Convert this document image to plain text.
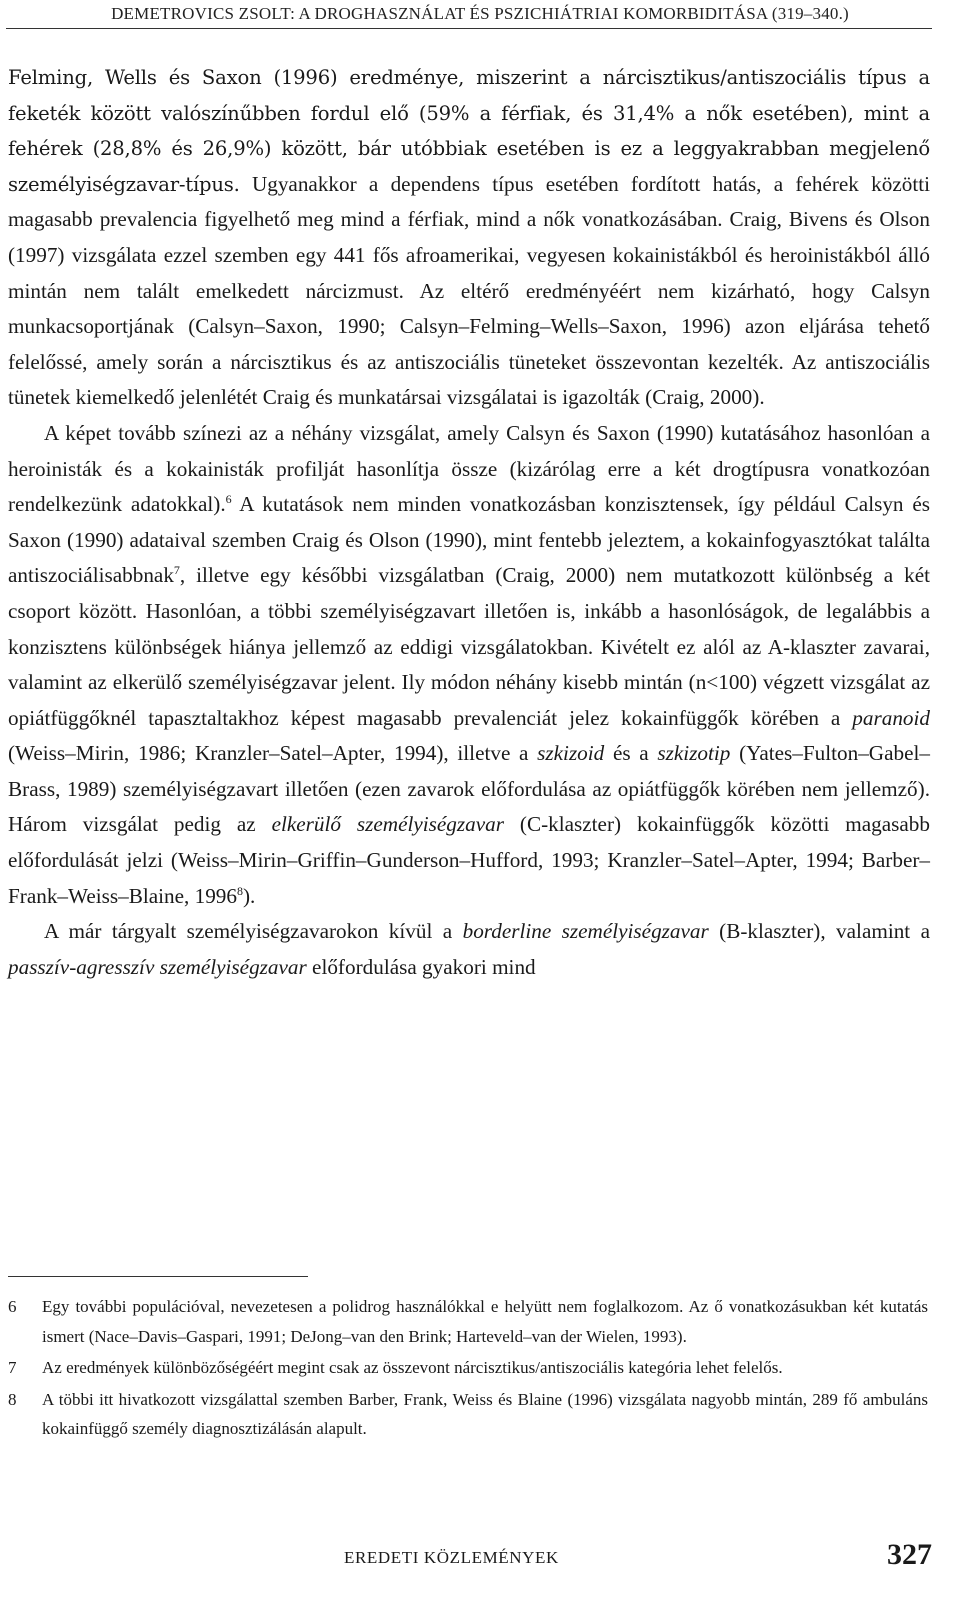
DEMETROVICS ZSOLT: A DROGHASZNÁLAT ÉS PSZICHIÁTRIAI KOMORBIDITÁSA (319–340.)

Felming, Wells és Saxon (1996) eredménye, miszerint a nárcisztikus/antiszociális típus a feketék között valószínűbben fordul elő (59% a férfiak, és 31,4% a nők esetében), mint a fehérek (28,8% és 26,9%) között, bár utóbbiak esetében is ez a leggyakrabban megjelenő személyiségzavar-típus. Ugyanakkor a dependens típus esetében fordított hatás, a fehérek közötti magasabb prevalencia figyelhető meg mind a férfiak, mind a nők vonatkozásában. Craig, Bivens és Olson (1997) vizsgálata ezzel szemben egy 441 fős afroamerikai, vegyesen kokainistákból és heroinistákból álló mintán nem talált emelkedett nárcizmust. Az eltérő eredményéért nem kizárható, hogy Calsyn munkacsoportjának (Calsyn–Saxon, 1990; Calsyn–Felming–Wells–Saxon, 1996) azon eljárása tehető felelőssé, amely során a nárcisztikus és az antiszociális tüneteket összevontan kezelték. Az antiszociális tünetek kiemelkedő jelenlétét Craig és munkatársai vizsgálatai is igazolták (Craig, 2000).

A képet tovább színezi az a néhány vizsgálat, amely Calsyn és Saxon (1990) kutatásához hasonlóan a heroinisták és a kokainisták profilját hasonlítja össze (kizárólag erre a két drogtípusra vonatkozóan rendelkezünk adatokkal).$^6$ A kutatások nem minden vonatkozásban konzisztensek, így például Calsyn és Saxon (1990) adataival szemben Craig és Olson (1990), mint fentebb jeleztem, a kokainfogyasztókat találta antiszociálisabbnak$^7$, illetve egy későbbi vizsgálatban (Craig, 2000) nem mutatkozott különbség a két csoport között. Hasonlóan, a többi személyiségzavart illetően is, inkább a hasonlóságok, de legalábbis a konzisztens különbségek hiánya jellemző az eddigi vizsgálatokban. Kivételt ez alól az A-klaszter zavarai, valamint az elkerülő személyiségzavar jelent. Ily módon néhány kisebb mintán (n<100) végzett vizsgálat az opiátfüggőknél tapasztaltakhoz képest magasabb prevalenciát jelez kokainfüggők körében a paranoid (Weiss–Mirin, 1986; Kranzler–Satel–Apter, 1994), illetve a szkizoid és a szkizotip (Yates–Fulton–Gabel–Brass, 1989) személyiségzavart illetően (ezen zavarok előfordulása az opiátfüggők körében nem jellemző). Három vizsgálat pedig az elkerülő személyiségzavar (C-klaszter) kokainfüggők közötti magasabb előfordulását jelzi (Weiss–Mirin–Griffin–Gunderson–Hufford, 1993; Kranzler–Satel–Apter, 1994; Barber–Frank–Weiss–Blaine, 1996$^8$).

A már tárgyalt személyiségzavarokon kívül a borderline személyiségzavar (B-klaszter), valamint a passzív-agresszív személyiségzavar előfordulása gyakori mind

6	Egy további populációval, nevezetesen a polidrog használókkal e helyütt nem foglalkozom. Az ő vonatkozásukban két kutatás ismert (Nace–Davis–Gaspari, 1991; DeJong–van den Brink; Harteveld–van der Wielen, 1993).
7	Az eredmények különbözőségéért megint csak az összevont nárcisztikus/antiszociális kategória lehet felelős.
8	A többi itt hivatkozott vizsgálattal szemben Barber, Frank, Weiss és Blaine (1996) vizsgálata nagyobb mintán, 289 fő ambuláns kokainfüggő személy diagnosztizálásán alapult.
EREDETI KÖZLEMÉNYEK	327
